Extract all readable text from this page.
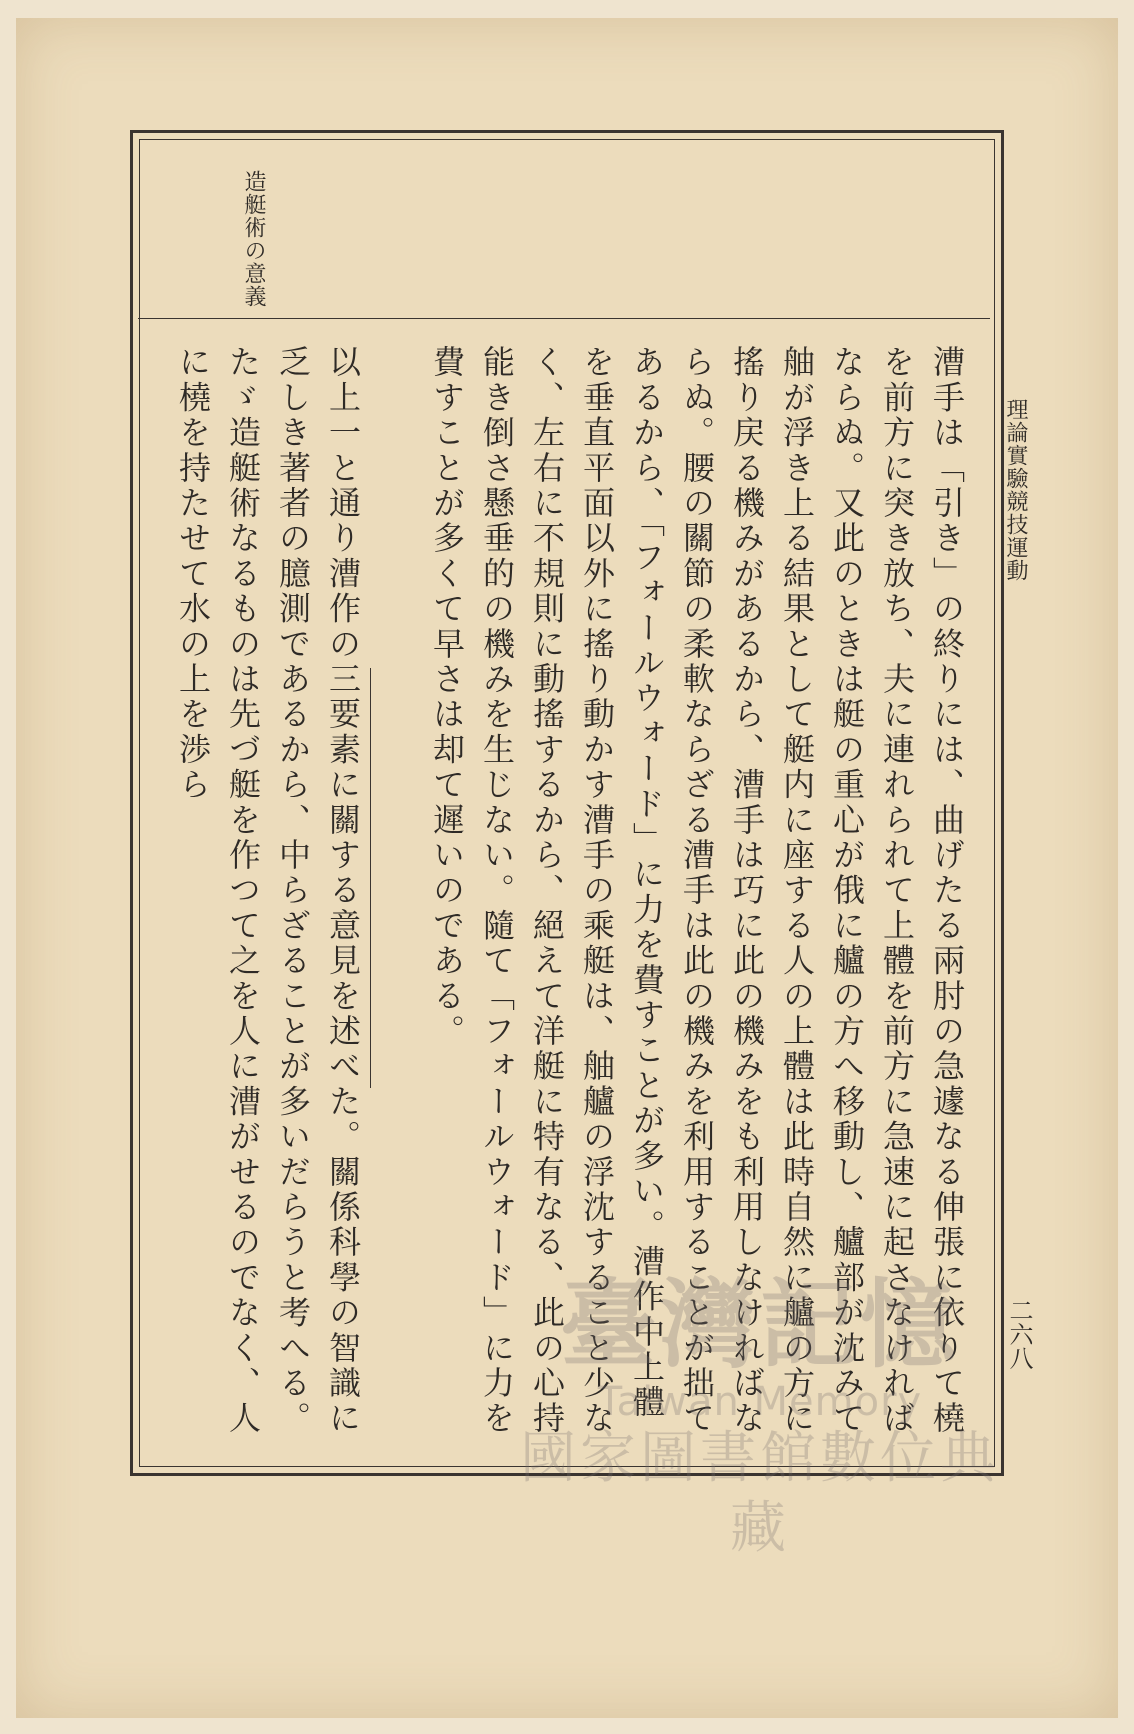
造艇術の意義
理論實驗競技運動
二六八

漕手は「引き」の終りには、曲げたる兩肘の急遽なる伸張に依りて橈を前方に突き放ち、夫に連れられて上體を前方に急速に起さなければならぬ。又此のときは艇の重心が俄に艫の方へ移動し、艫部が沈みて舳が浮き上る結果として艇内に座する人の上體は此時自然に艫の方に搖り戻る機みがあるから、漕手は巧に此の機みをも利用しなければならぬ。腰の關節の柔軟ならざる漕手は此の機みを利用することが拙てあるから、「フォールウォード」に力を費すことが多い。漕作中上體を垂直平面以外に搖り動かす漕手の乘艇は、舳艫の浮沈すること少なく、左右に不規則に動搖するから、絕えて洋艇に特有なる、此の心持能き倒さ懸垂的の機みを生じない。隨て「フォールウォード」に力を費すことが多くて早さは却て遲いのである。

以上一と通り漕作の三要素に關する意見を述べた。關係科學の智識に乏しき著者の臆測であるから、中らざることが多いだらうと考へる。たゞ造艇術なるものは先づ艇を作つて之を人に漕がせるのでなく、人に橈を持たせて水の上を渉ら

臺灣記憶
Taiwan Memory
國家圖書館數位典藏
